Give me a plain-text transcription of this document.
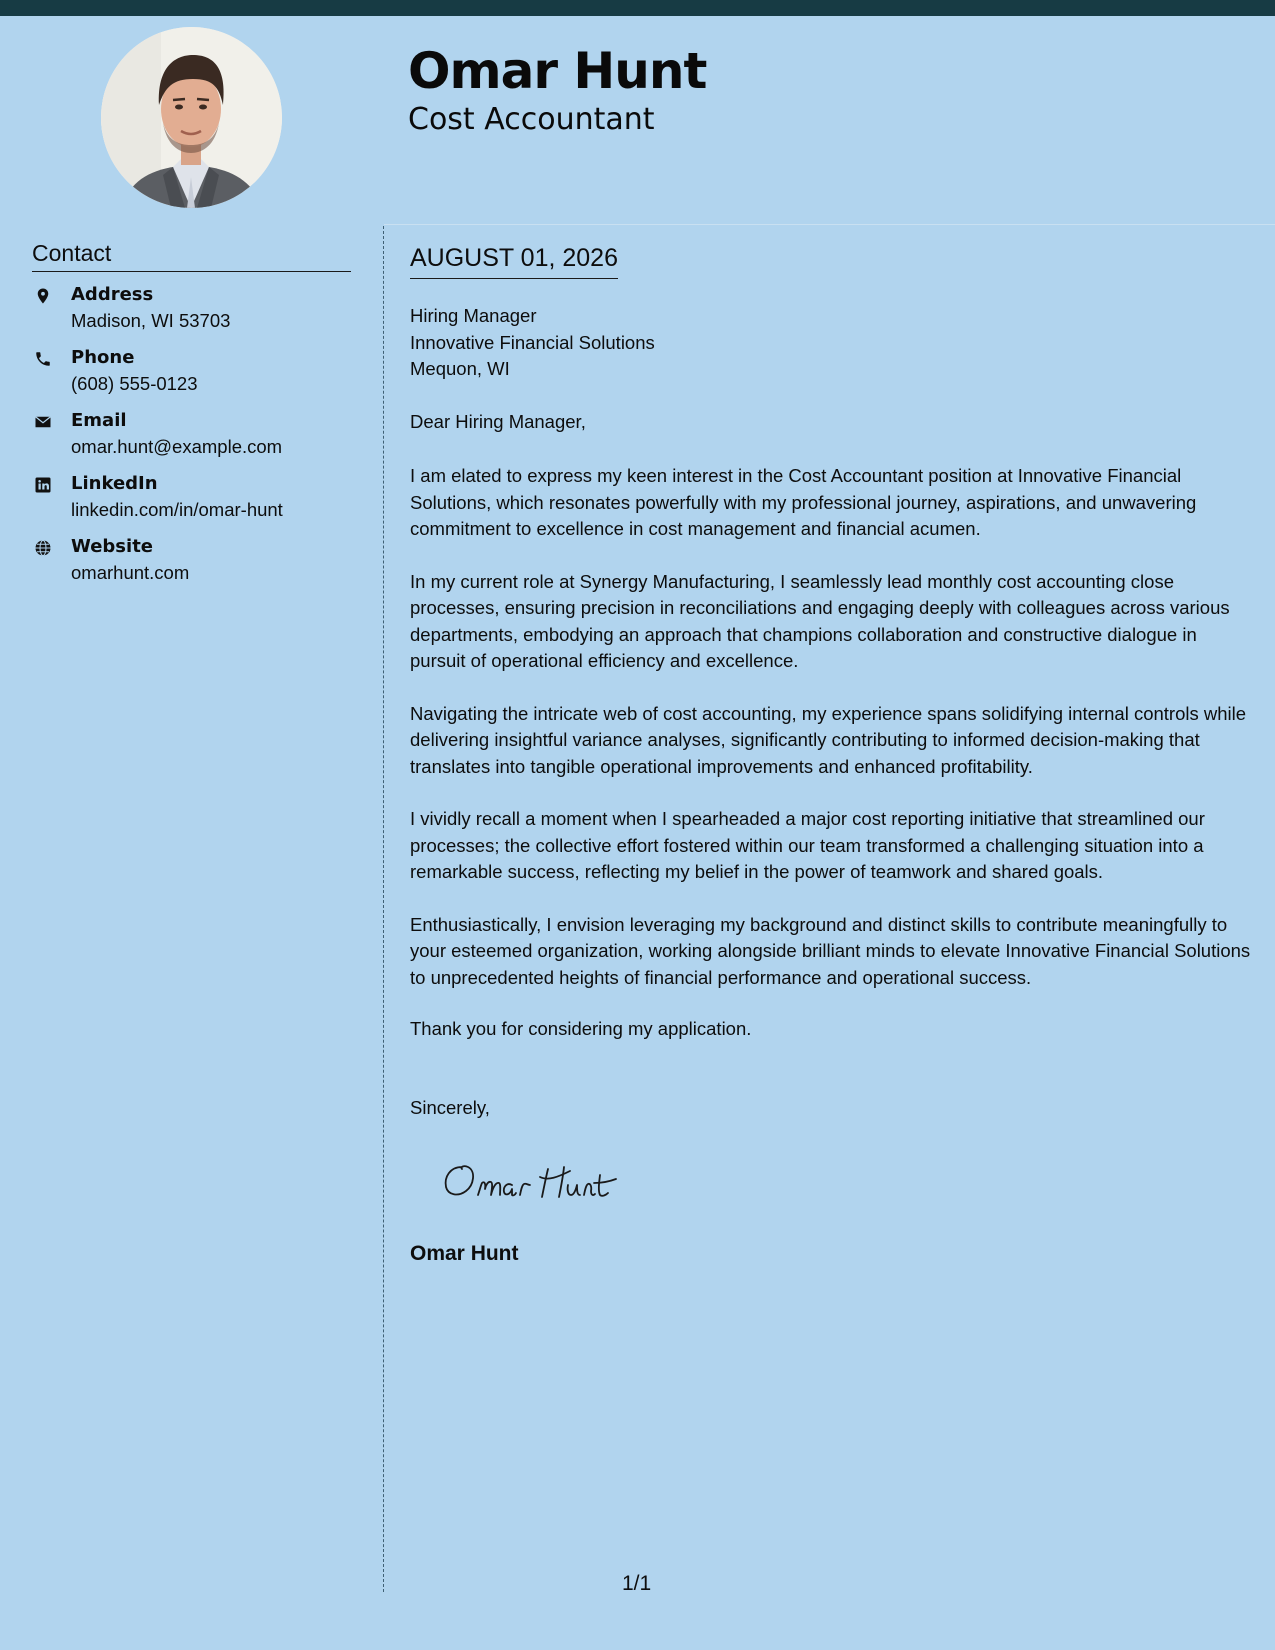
Omar Hunt
Cost Accountant
Contact
Address
Madison, WI 53703
Phone
(608) 555-0123
Email
omar.hunt@example.com
LinkedIn
linkedin.com/in/omar-hunt
Website
omarhunt.com
AUGUST 01, 2026
Hiring Manager
Innovative Financial Solutions
Mequon, WI
Dear Hiring Manager,

I am elated to express my keen interest in the Cost Accountant position at Innovative Financial Solutions, which resonates powerfully with my professional journey, aspirations, and unwavering commitment to excellence in cost management and financial acumen.

In my current role at Synergy Manufacturing, I seamlessly lead monthly cost accounting close processes, ensuring precision in reconciliations and engaging deeply with colleagues across various departments, embodying an approach that champions collaboration and constructive dialogue in pursuit of operational efficiency and excellence.

Navigating the intricate web of cost accounting, my experience spans solidifying internal controls while delivering insightful variance analyses, significantly contributing to informed decision-making that translates into tangible operational improvements and enhanced profitability.

I vividly recall a moment when I spearheaded a major cost reporting initiative that streamlined our processes; the collective effort fostered within our team transformed a challenging situation into a remarkable success, reflecting my belief in the power of teamwork and shared goals.

Enthusiastically, I envision leveraging my background and distinct skills to contribute meaningfully to your esteemed organization, working alongside brilliant minds to elevate Innovative Financial Solutions to unprecedented heights of financial performance and operational success.

Thank you for considering my application.
Sincerely,
Omar Hunt
1/1
